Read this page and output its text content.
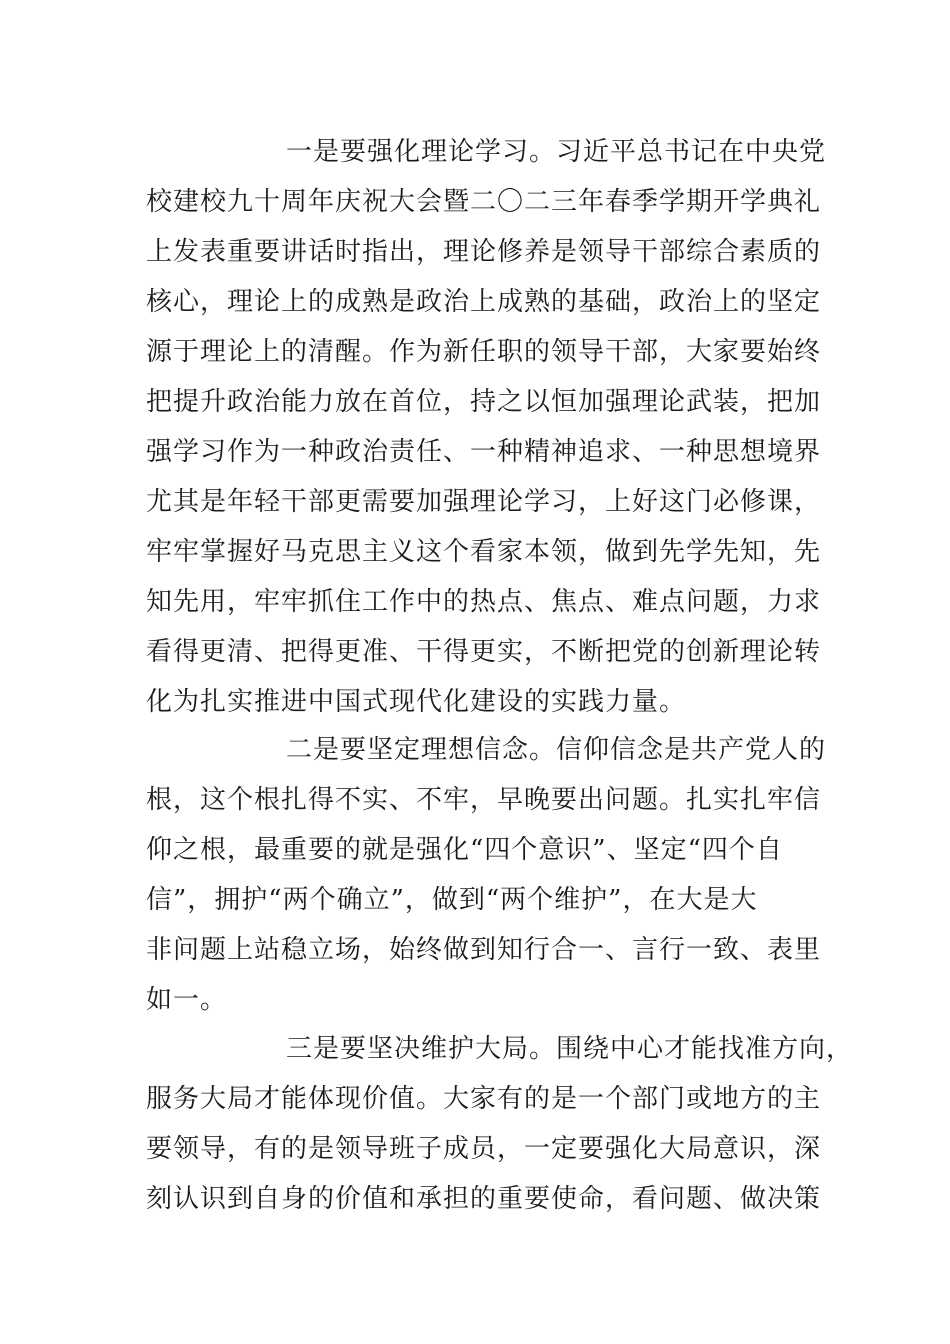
一是要强化理论学习。习近平总书记在中央党
校建校九十周年庆祝大会暨二〇二三年春季学期开学典礼
上发表重要讲话时指出，理论修养是领导干部综合素质的
核心，理论上的成熟是政治上成熟的基础，政治上的坚定
源于理论上的清醒。作为新任职的领导干部，大家要始终
把提升政治能力放在首位，持之以恒加强理论武装，把加
强学习作为一种政治责任、一种精神追求、一种思想境界
尤其是年轻干部更需要加强理论学习，上好这门必修课，
牢牢掌握好马克思主义这个看家本领，做到先学先知，先
知先用，牢牢抓住工作中的热点、焦点、难点问题，力求
看得更清、把得更准、干得更实，不断把党的创新理论转
化为扎实推进中国式现代化建设的实践力量。
二是要坚定理想信念。信仰信念是共产党人的
根，这个根扎得不实、不牢，早晚要出问题。扎实扎牢信
仰之根，最重要的就是强化“四个意识”、坚定“四个自
信”，拥护“两个确立”，做到“两个维护”，在大是大
非问题上站稳立场，始终做到知行合一、言行一致、表里
如一。
三是要坚决维护大局。围绕中心才能找准方向，
服务大局才能体现价值。大家有的是一个部门或地方的主
要领导，有的是领导班子成员，一定要强化大局意识，深
刻认识到自身的价值和承担的重要使命，看问题、做决策
